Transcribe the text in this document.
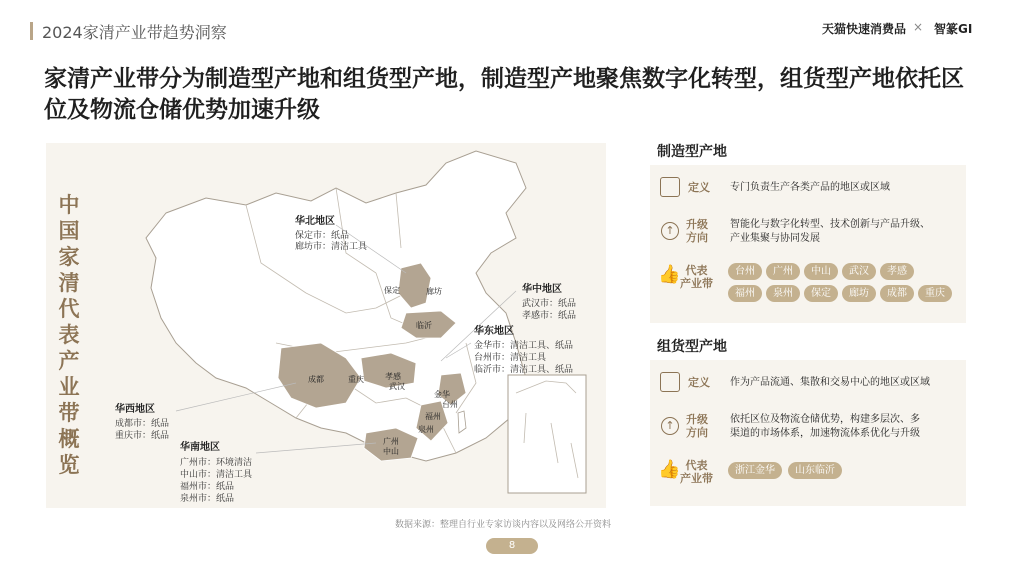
2024家清产业带趋势洞察	天猫快速消费品 × 智篆GI
家清产业带分为制造型产地和组货型产地，制造型产地聚焦数字化转型，组货型产地依托区位及物流仓储优势加速升级
中国家清代表产业带概览
保定	廊坊
临沂
成都	重庆	孝感
武汉
金华
台州
福州
泉州
广州
中山
华北地区
保定市：纸品
廊坊市：清洁工具
华中地区
武汉市：纸品
孝感市：纸品
华东地区
金华市：清洁工具、纸品
台州市：清洁工具
临沂市：清洁工具、纸品
华西地区
成都市：纸品
重庆市：纸品
华南地区
广州市：环境清洁
中山市：清洁工具
福州市：纸品
泉州市：纸品
制造型产地
定义 专门负责生产各类产品的地区或区域
↑	升级
方向
智能化与数字化转型、技术创新与产品升级、
产业集聚与协同发展
👍 代表
产业带
台州	广州	中山	武汉	孝感
福州	泉州	保定	廊坊	成都	重庆
组货型产地
定义 作为产品流通、集散和交易中心的地区或区域
↑	升级
方向
依托区位及物流仓储优势，构建多层次、多
渠道的市场体系，加速物流体系优化与升级
👍 代表
产业带
浙江金华	山东临沂
数据来源：整理自行业专家访谈内容以及网络公开资料
8
